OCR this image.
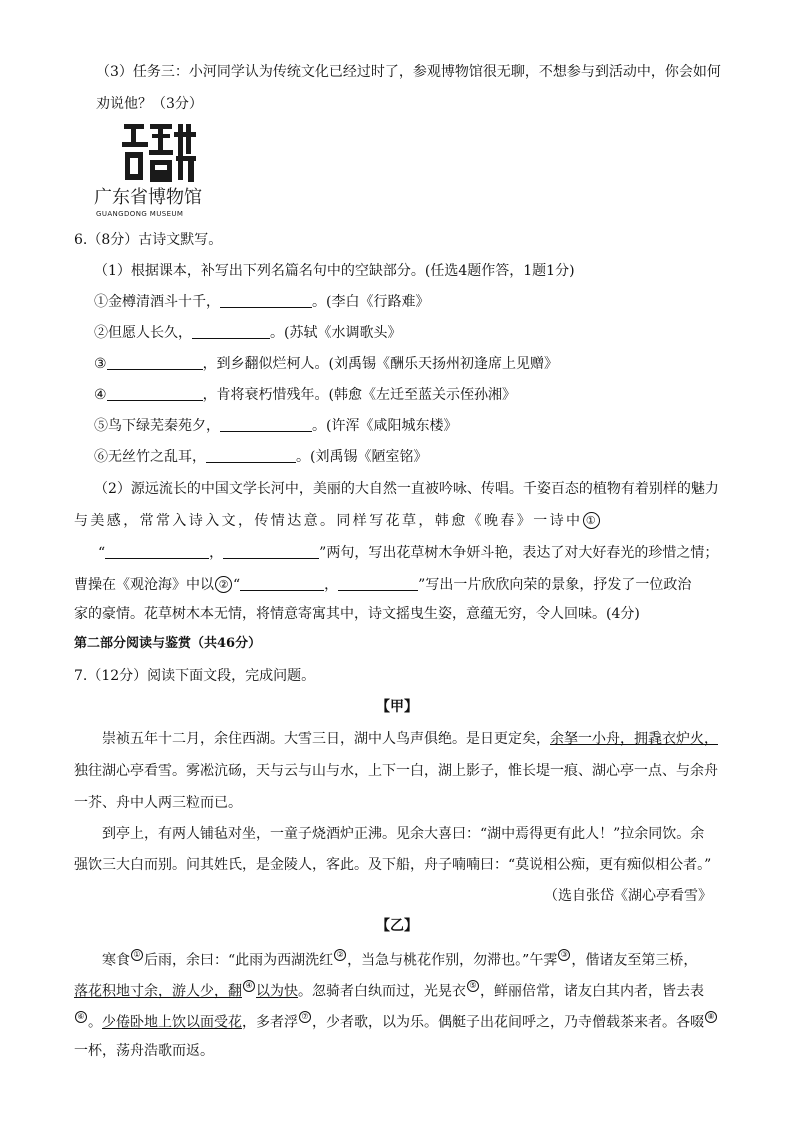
（3）任务三：小河同学认为传统文化已经过时了，参观博物馆很无聊，不想参与到活动中，你会如何
劝说他？（3分）
广东省博物馆
GUANGDONG MUSEUM
6.（8分）古诗文默写。
（1）根据课本，补写出下列名篇名句中的空缺部分。(任选4题作答，1题1分)
①金樽清酒斗十千，	。(李白《行路难》
②但愿人长久，	。(苏轼《水调歌头》
③	，到乡翻似烂柯人。(刘禹锡《酬乐天扬州初逢席上见赠》
④	，肯将衰朽惜残年。(韩愈《左迁至蓝关示侄孙湘》
⑤鸟下绿芜秦苑夕，	。(许浑《咸阳城东楼》
⑥无丝竹之乱耳，	。(刘禹锡《陋室铭》
（2）源远流长的中国文学长河中，美丽的大自然一直被吟咏、传唱。千姿百态的植物有着别样的魅力
与美感，常常入诗入文，传情达意。同样写花草，韩愈《晚春》一诗中 ①
“	，	”两句，写出花草树木争妍斗艳，表达了对大好春光的珍惜之情；
曹操在《观沧海》中以 ② “	，	”写出一片欣欣向荣的景象，抒发了一位政治
家的豪情。花草树木本无情，将情意寄寓其中，诗文摇曳生姿，意蕴无穷，令人回味。(4分)
第二部分阅读与鉴赏（共46分）
7.（12分）阅读下面文段，完成问题。
【甲】
崇祯五年十二月，余住西湖。大雪三日，湖中人鸟声俱绝。是日更定矣，余拏一小舟，拥毳衣炉火，
独往湖心亭看雪。雾凇沆砀，天与云与山与水，上下一白，湖上影子，惟长堤一痕、湖心亭一点、与余舟
一芥、舟中人两三粒而已。
到亭上，有两人铺毡对坐，一童子烧酒炉正沸。见余大喜曰：“湖中焉得更有此人！”拉余同饮。余
强饮三大白而别。问其姓氏，是金陵人，客此。及下船，舟子喃喃曰：“莫说相公痴，更有痴似相公者。”
（选自张岱《湖心亭看雪》
【乙】
寒食 ① 后雨，余曰：“此雨为西湖洗红 ② ，当急与桃花作别，勿滞也。”午霁 ③ ，偕诸友至第三桥，
落花积地寸余，游人少，翻 ④ 以为快。忽骑者白纨而过，光晃衣 ⑤ ，鲜丽倍常，诸友白其内者，皆去表
⑥ 。少倦卧地上饮以面受花，多者浮 ⑦ ，少者歌，以为乐。偶艇子出花间呼之，乃寺僧载茶来者。各啜 ⑧
一杯，荡舟浩歌而返。
